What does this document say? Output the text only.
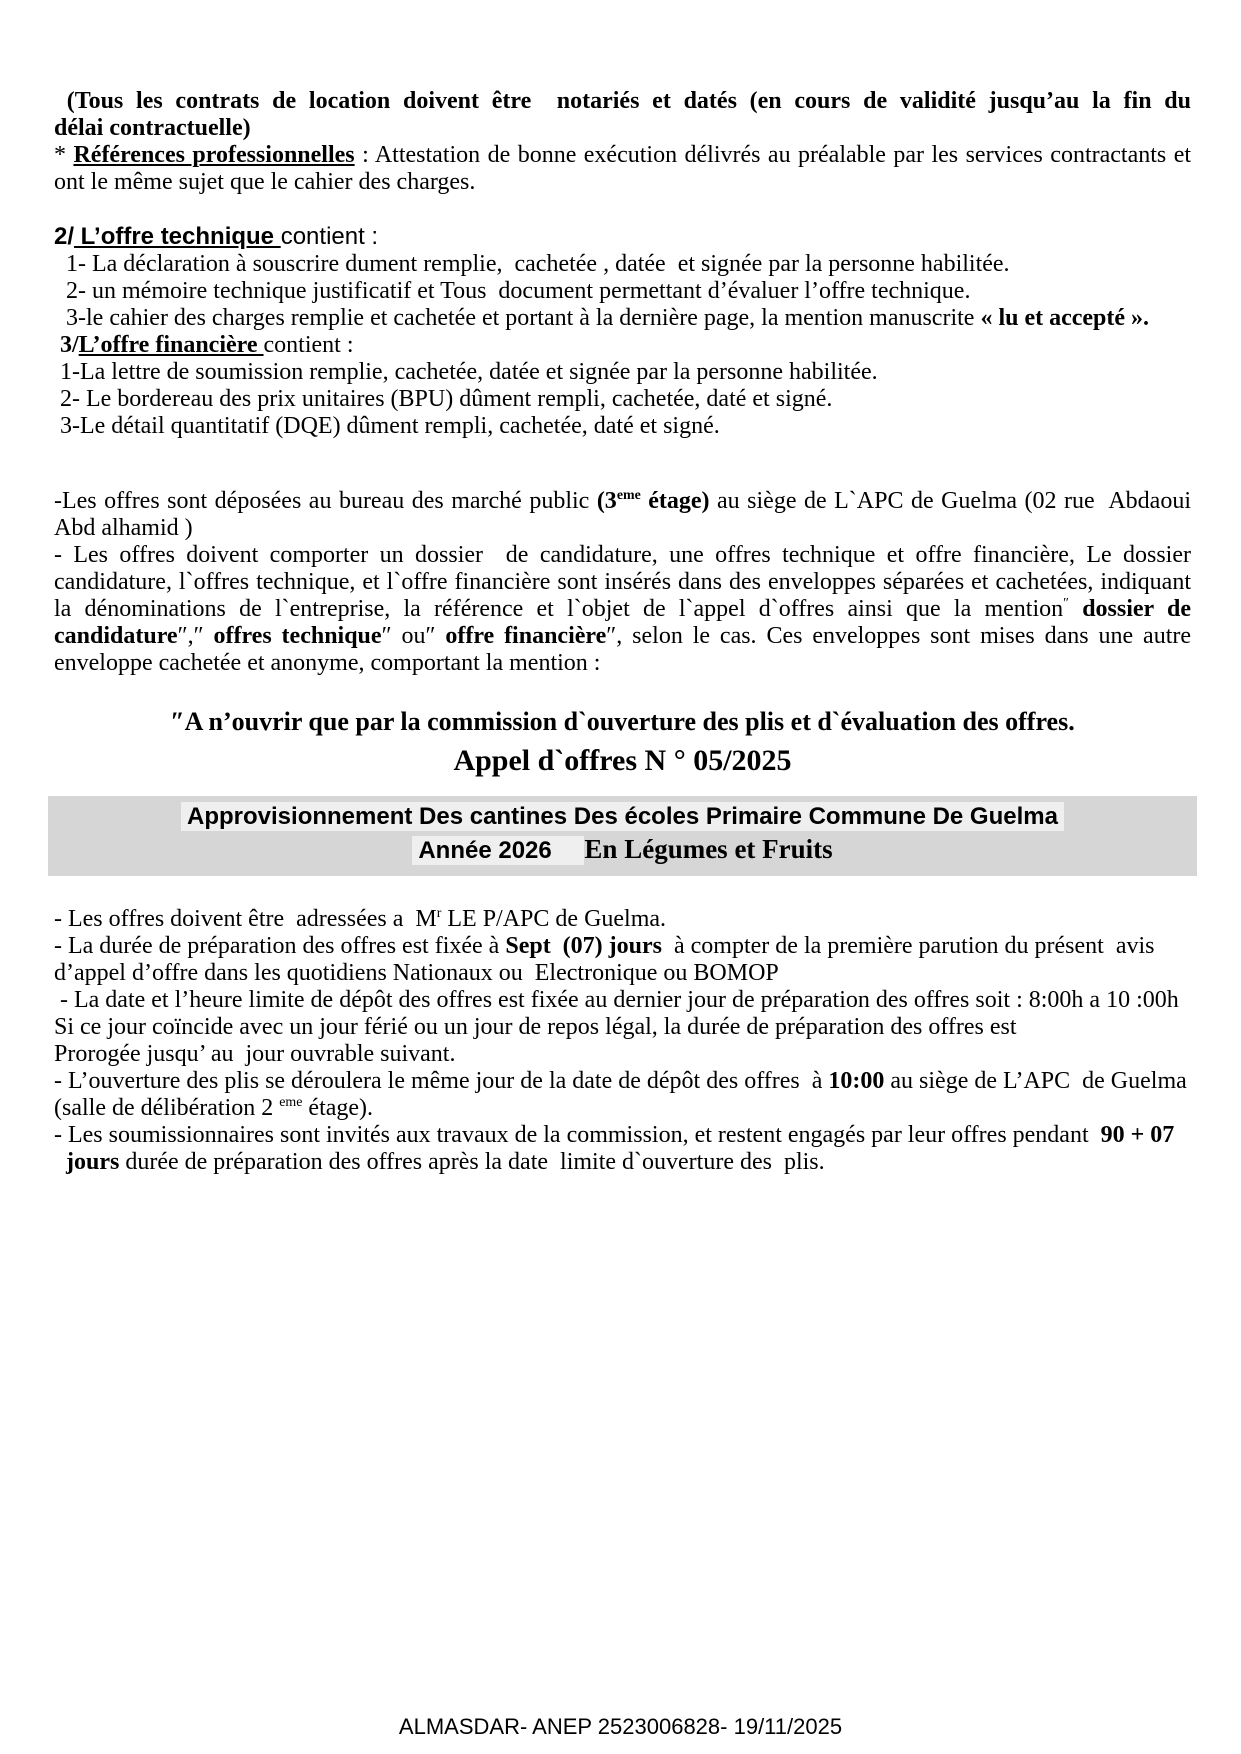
(Tous les contrats de location doivent être  notariés et datés (en cours de validité jusqu’au la fin du
délai contractuelle)
* Références professionnelles : Attestation de bonne exécution délivrés au préalable par les services contractants et
ont le même sujet que le cahier des charges.
2/ L’offre technique contient :
1- La déclaration à souscrire dument remplie,  cachetée , datée  et signée par la personne habilitée.
2- un mémoire technique justificatif et Tous  document permettant d’évaluer l’offre technique.
3-le cahier des charges remplie et cachetée et portant à la dernière page, la mention manuscrite « lu et accepté ».
3/L’offre financière contient :
1-La lettre de soumission remplie, cachetée, datée et signée par la personne habilitée.
2- Le bordereau des prix unitaires (BPU) dûment rempli, cachetée, daté et signé.
3-Le détail quantitatif (DQE) dûment rempli, cachetée, daté et signé.
-Les offres sont déposées au bureau des marché public (3eme étage) au siège de L`APC de Guelma (02 rue  Abdaoui
Abd alhamid )
- Les offres doivent comporter un dossier  de candidature, une offres technique et offre financière, Le dossier
candidature, l`offres technique, et l`offre financière sont insérés dans des enveloppes séparées et cachetées, indiquant
la dénominations de l`entreprise, la référence et l`objet de l`appel d`offres ainsi que la mention″ dossier de
candidature″,″ offres technique″ ou″ offre financière″, selon le cas. Ces enveloppes sont mises dans une autre
enveloppe cachetée et anonyme, comportant la mention :
″A n’ouvrir que par la commission d`ouverture des plis et d`évaluation des offres.
Appel d`offres N ° 05/2025
Approvisionnement Des cantines Des écoles Primaire Commune De Guelma
Année 2026    En Légumes et Fruits
- Les offres doivent être  adressées a  $M^r$ LE P/APC de Guelma.
- La durée de préparation des offres est fixée à Sept  (07) jours  à compter de la première parution du présent  avis
d’appel d’offre dans les quotidiens Nationaux ou  Electronique ou BOMOP
- La date et l’heure limite de dépôt des offres est fixée au dernier jour de préparation des offres soit : 8:00h a 10 :00h
Si ce jour coïncide avec un jour férié ou un jour de repos légal, la durée de préparation des offres est
Prorogée jusqu’ au  jour ouvrable suivant.
- L’ouverture des plis se déroulera le même jour de la date de dépôt des offres  à 10:00 au siège de L’APC  de Guelma
(salle de délibération 2 $^{eme}$ étage).
- Les soumissionnaires sont invités aux travaux de la commission, et restent engagés par leur offres pendant  90 + 07
jours durée de préparation des offres après la date  limite d`ouverture des  plis.
ALMASDAR- ANEP 2523006828- 19/11/2025
